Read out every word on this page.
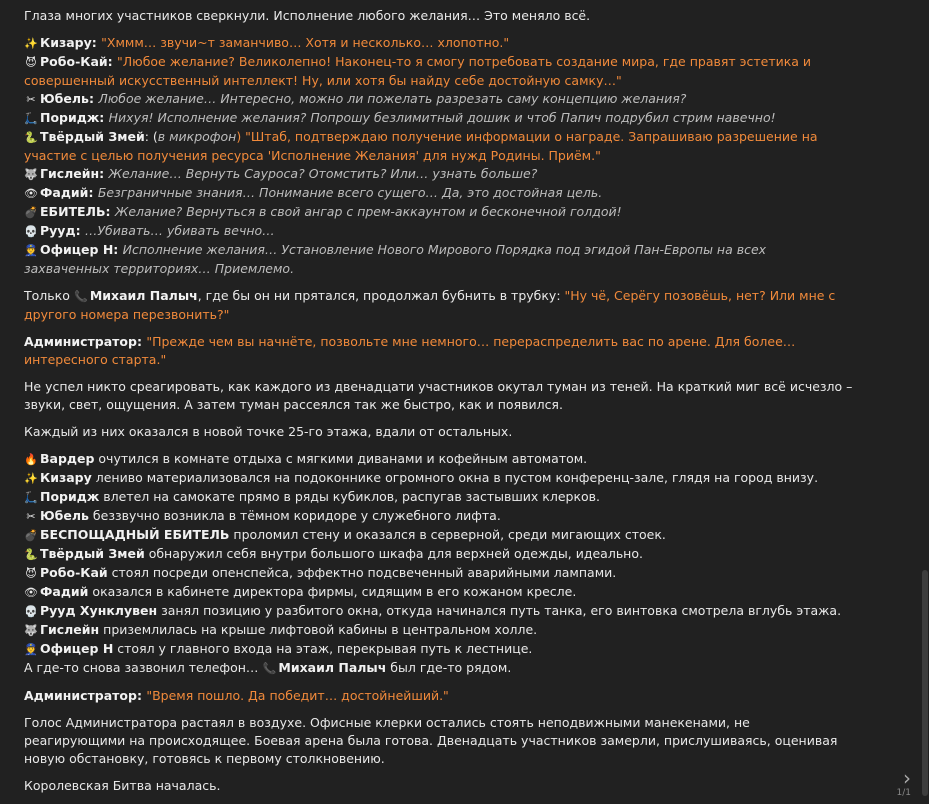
Глаза многих участников сверкнули. Исполнение любого желания… Это меняло всё.

✨ Кизару: "Хммм… звучи~т заманчиво… Хотя и несколько… хлопотно."

😈 Робо-Кай: "Любое желание? Великолепно! Наконец-то я смогу потребовать создание мира, где правят эстетика и совершенный искусственный интеллект! Ну, или хотя бы найду себе достойную самку…"

✂ Юбель: Любое желание… Интересно, можно ли пожелать разрезать саму концепцию желания?

🛴 Поридж: Нихуя! Исполнение желания? Попрошу безлимитный дошик и чтоб Папич подрубил стрим навечно!

🐍 Твёрдый Змей: (в микрофон) "Штаб, подтверждаю получение информации о награде. Запрашиваю разрешение на участие с целью получения ресурса 'Исполнение Желания' для нужд Родины. Приём."

🐺 Гислейн: Желание… Вернуть Сауроса? Отомстить? Или… узнать больше?

👁 Фадий: Безграничные знания… Понимание всего сущего… Да, это достойная цель.

💣 ЕБИТЕЛЬ: Желание? Вернуться в свой ангар с прем-аккаунтом и бесконечной голдой!

💀 Рууд: …Убивать… убивать вечно…

👮 Офицер Н: Исполнение желания… Установление Нового Мирового Порядка под эгидой Пан-Европы на всех захваченных территориях… Приемлемо.

Только 📞 Михаил Палыч, где бы он ни прятался, продолжал бубнить в трубку: "Ну чё, Серёгу позовёшь, нет? Или мне с другого номера перезвонить?"

Администратор: "Прежде чем вы начнёте, позвольте мне немного… перераспределить вас по арене. Для более… интересного старта."

Не успел никто среагировать, как каждого из двенадцати участников окутал туман из теней. На краткий миг всё исчезло – звуки, свет, ощущения. А затем туман рассеялся так же быстро, как и появился.

Каждый из них оказался в новой точке 25-го этажа, вдали от остальных.

🔥 Вардер очутился в комнате отдыха с мягкими диванами и кофейным автоматом.

✨ Кизару лениво материализовался на подоконнике огромного окна в пустом конференц-зале, глядя на город внизу.

🛴 Поридж влетел на самокате прямо в ряды кубиклов, распугав застывших клерков.

✂ Юбель беззвучно возникла в тёмном коридоре у служебного лифта.

💣 БЕСПОЩАДНЫЙ ЕБИТЕЛЬ проломил стену и оказался в серверной, среди мигающих стоек.

🐍 Твёрдый Змей обнаружил себя внутри большого шкафа для верхней одежды, идеально.

😈 Робо-Кай стоял посреди опенспейса, эффектно подсвеченный аварийными лампами.

👁 Фадий оказался в кабинете директора фирмы, сидящим в его кожаном кресле.

💀 Рууд Хунклувен занял позицию у разбитого окна, откуда начинался путь танка, его винтовка смотрела вглубь этажа.

🐺 Гислейн приземлилась на крыше лифтовой кабины в центральном холле.

👮 Офицер Н стоял у главного входа на этаж, перекрывая путь к лестнице.

А где-то снова зазвонил телефон… 📞 Михаил Палыч был где-то рядом.

Администратор: "Время пошло. Да победит… достойнейший."

Голос Администратора растаял в воздухе. Офисные клерки остались стоять неподвижными манекенами, не реагирующими на происходящее. Боевая арена была готова. Двенадцать участников замерли, прислушиваясь, оценивая новую обстановку, готовясь к первому столкновению.

Королевская Битва началась.	›
1/1
